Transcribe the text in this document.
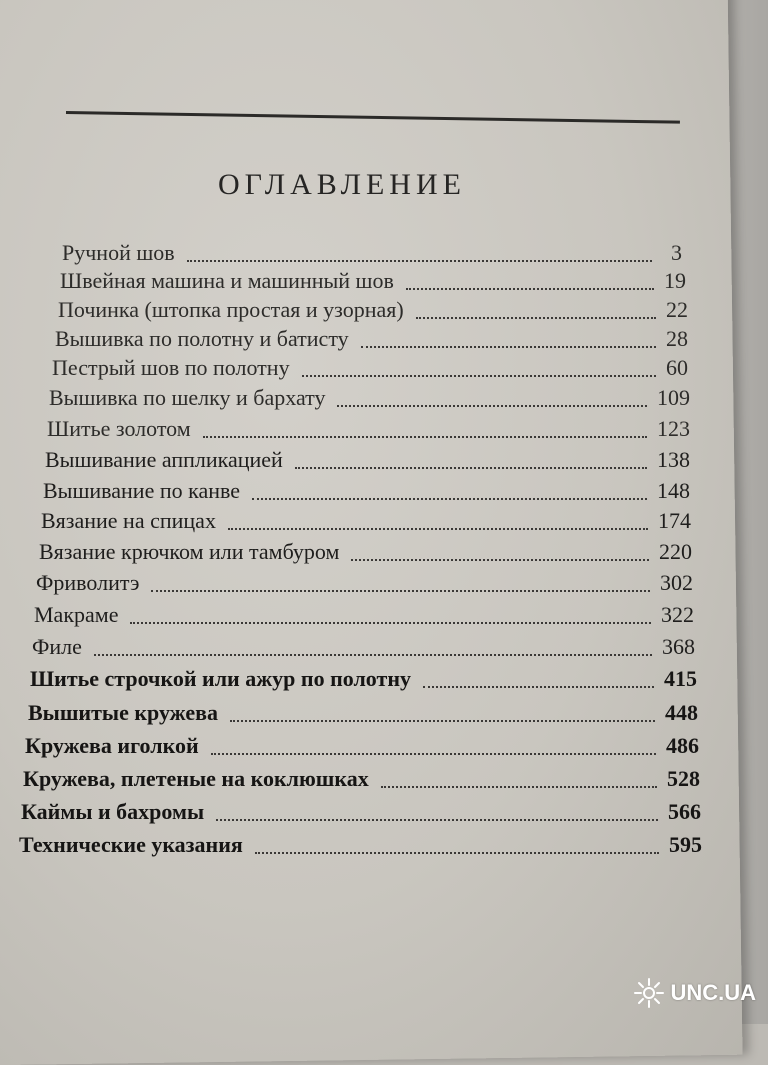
ОГЛАВЛЕНИЕ
Ручной шов	3
Швейная машина и машинный шов	19
Починка (штопка простая и узорная)	22
Вышивка по полотну и батисту	28
Пестрый шов по полотну	60
Вышивка по шелку и бархату	109
Шитье золотом	123
Вышивание аппликацией	138
Вышивание по канве	148
Вязание на спицах	174
Вязание крючком или тамбуром	220
Фриволитэ	302
Макраме	322
Филе	368
Шитье строчкой или ажур по полотну	415
Вышитые кружева	448
Кружева иголкой	486
Кружева, плетеные на коклюшках	528
Каймы и бахромы	566
Технические указания	595
UNC.UA
